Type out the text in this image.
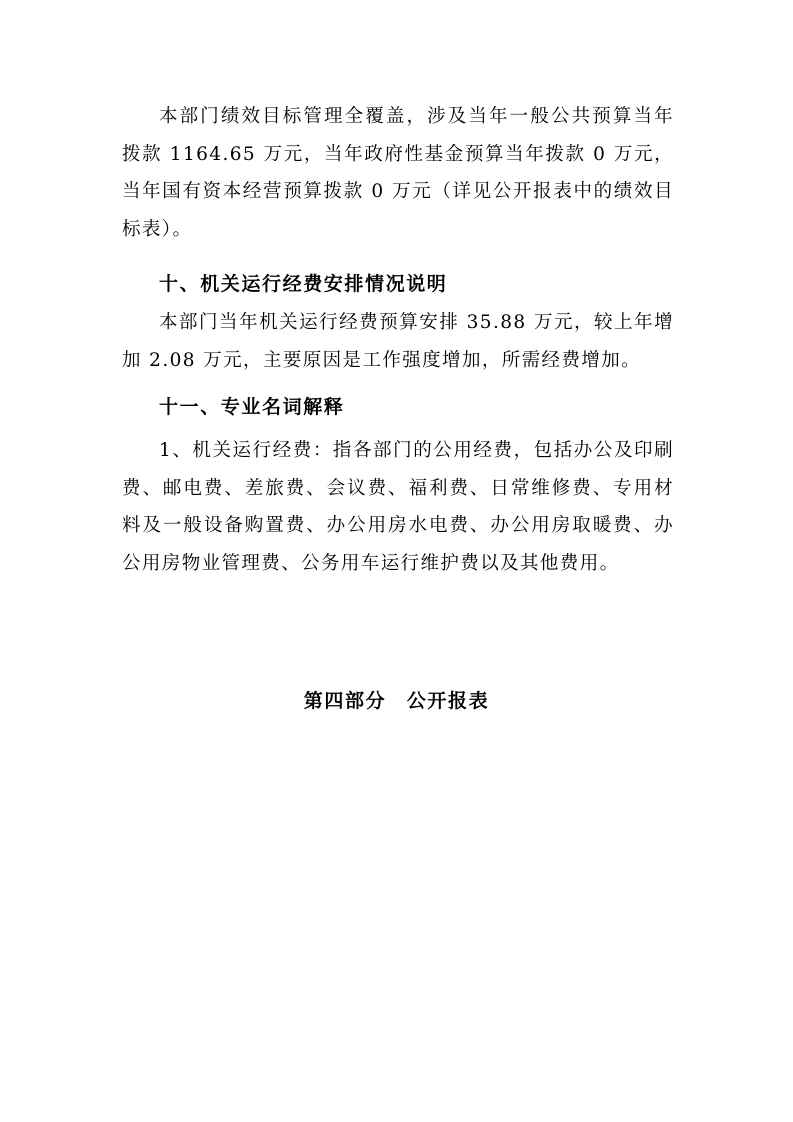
本部门绩效目标管理全覆盖，涉及当年一般公共预算当年拨款 1164.65 万元，当年政府性基金预算当年拨款 0 万元，当年国有资本经营预算拨款 0 万元（详见公开报表中的绩效目标表）。

十、机关运行经费安排情况说明

本部门当年机关运行经费预算安排 35.88 万元，较上年增加 2.08 万元，主要原因是工作强度增加，所需经费增加。

十一、专业名词解释

1、机关运行经费：指各部门的公用经费，包括办公及印刷费、邮电费、差旅费、会议费、福利费、日常维修费、专用材料及一般设备购置费、办公用房水电费、办公用房取暖费、办公用房物业管理费、公务用车运行维护费以及其他费用。

第四部分　公开报表
